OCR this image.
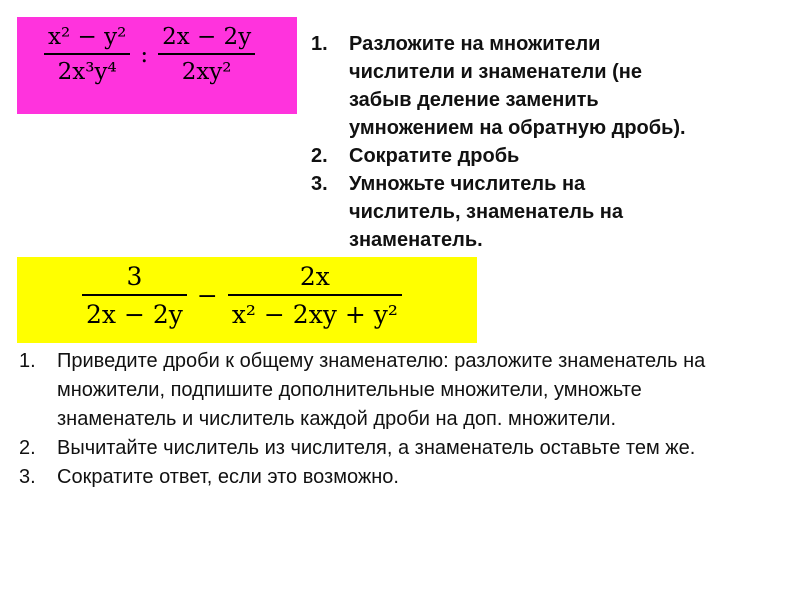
1. Разложите на множители числители и знаменатели (не забыв деление заменить умножением на обратную дробь).
2. Сократите дробь
3. Умножьте числитель на числитель, знаменатель на знаменатель.
$\frac{\text{x² − y²}}{\text{2x³y⁴}}$ : $\frac{2x - 2y}{\text{2xy²}}$
$\frac{3}{2x - 2y} - \frac{2x}{\text{x² − 2xy + y²}}$
1. Приведите дроби к общему знаменателю: разложите знаменатель на множители, подпишите дополнительные множители, умножьте знаменатель и числитель каждой дроби на доп. множители.
2. Вычитайте числитель из числителя, а знаменатель оставьте тем же.
3. Сократите ответ, если это возможно.
